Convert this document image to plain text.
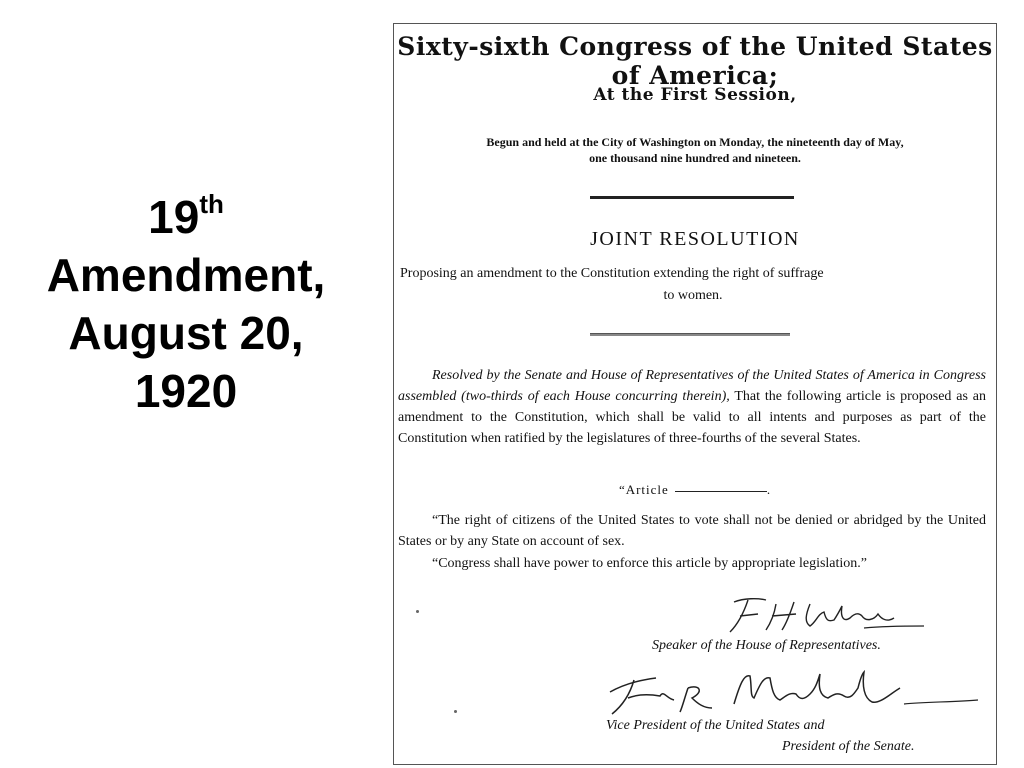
19th
Amendment,
August 20,
1920
Sixty-sixth Congress of the United States of America;
At the First Session,
Begun and held at the City of Washington on Monday, the nineteenth day of May,
one thousand nine hundred and nineteen.
JOINT RESOLUTION
Proposing an amendment to the Constitution extending the right of suffrage
to women.
Resolved by the Senate and House of Representatives of the United States of America in Congress assembled (two-thirds of each House concurring therein), That the following article is proposed as an amendment to the Constitution, which shall be valid to all intents and purposes as part of the Constitution when ratified by the legislatures of three-fourths of the several States.
“Article	.
“The right of citizens of the United States to vote shall not be denied or abridged by the United States or by any State on account of sex.
“Congress shall have power to enforce this article by appropriate legislation.”
Speaker of the House of Representatives.
Vice President of the United States and
President of the Senate.
